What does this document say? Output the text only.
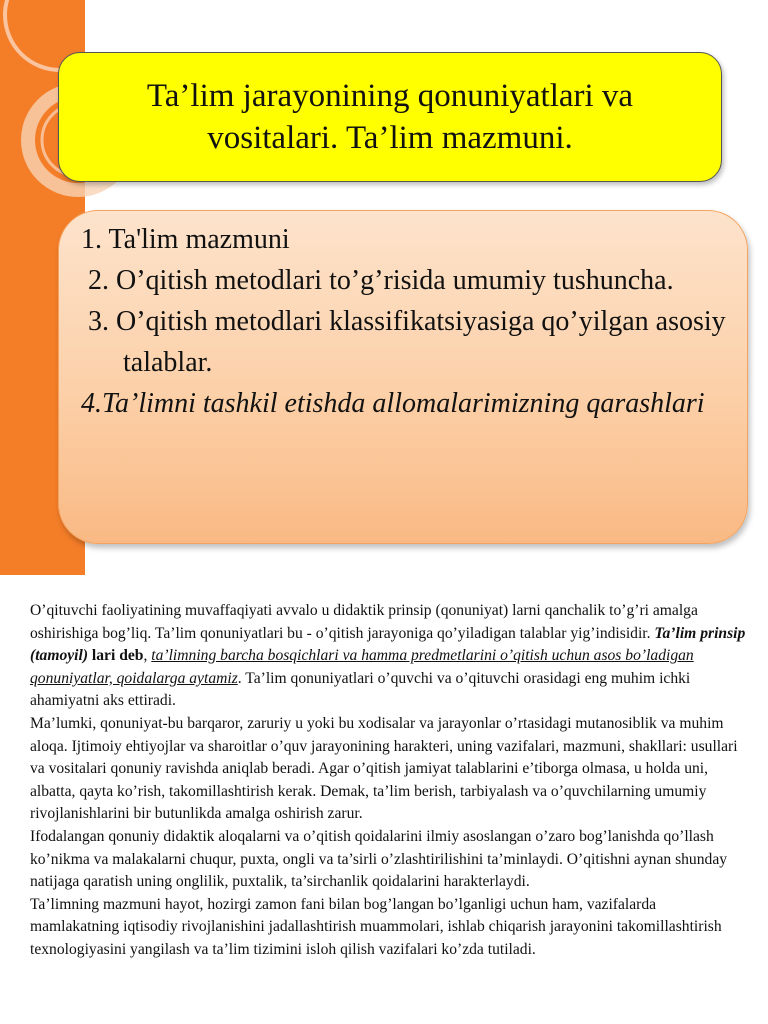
Ta’lim jarayonining qonuniyatlari va vositalari. Ta’lim mazmuni.
1. Ta'lim mazmuni
2. O’qitish metodlari to’g’risida umumiy tushuncha.
3. O’qitish metodlari klassifikatsiyasiga qo’yilgan asosiy
talablar.
4.Ta’limni tashkil etishda allomalarimizning qarashlari

O’qituvchi faoliyatining muvaffaqiyati avvalo u didaktik prinsip (qonuniyat) larni qanchalik to’g’ri amalga oshirishiga bog’liq. Ta’lim qonuniyatlari bu - o’qitish jarayoniga qo’yiladigan talablar yig’indisidir. Ta’lim prinsip (tamoyil) lari deb, ta’limning barcha bosqichlari va hamma predmetlarini o’qitish uchun asos bo’ladigan qonuniyatlar, qoidalarga aytamiz. Ta’lim qonuniyatlari o’quvchi va o’qituvchi orasidagi eng muhim ichki ahamiyatni aks ettiradi.

Ma’lumki, qonuniyat-bu barqaror, zaruriy u yoki bu xodisalar va jarayonlar o’rtasidagi mutanosiblik va muhim aloqa. Ijtimoiy ehtiyojlar va sharoitlar o’quv jarayonining harakteri, uning vazifalari, mazmuni, shakllari: usullari va vositalari qonuniy ravishda aniqlab beradi. Agar o’qitish jamiyat talablarini e’tiborga olmasa, u holda uni, albatta, qayta ko’rish, takomillashtirish kerak. Demak, ta’lim berish, tarbiyalash va o’quvchilarning umumiy rivojlanishlarini bir butunlikda amalga oshirish zarur.

Ifodalangan qonuniy didaktik aloqalarni va o’qitish qoidalarini ilmiy asoslangan o’zaro bog’lanishda qo’llash ko’nikma va malakalarni chuqur, puxta, ongli va ta’sirli o’zlashtirilishini ta’minlaydi. O’qitishni aynan shunday natijaga qaratish uning onglilik, puxtalik, ta’sirchanlik qoidalarini harakterlaydi.

Ta’limning mazmuni hayot, hozirgi zamon fani bilan bog’langan bo’lganligi uchun ham, vazifalarda mamlakatning iqtisodiy rivojlanishini jadallashtirish muammolari, ishlab chiqarish jarayonini takomillashtirish texnologiyasini yangilash va ta’lim tizimini isloh qilish vazifalari ko’zda tutiladi.
